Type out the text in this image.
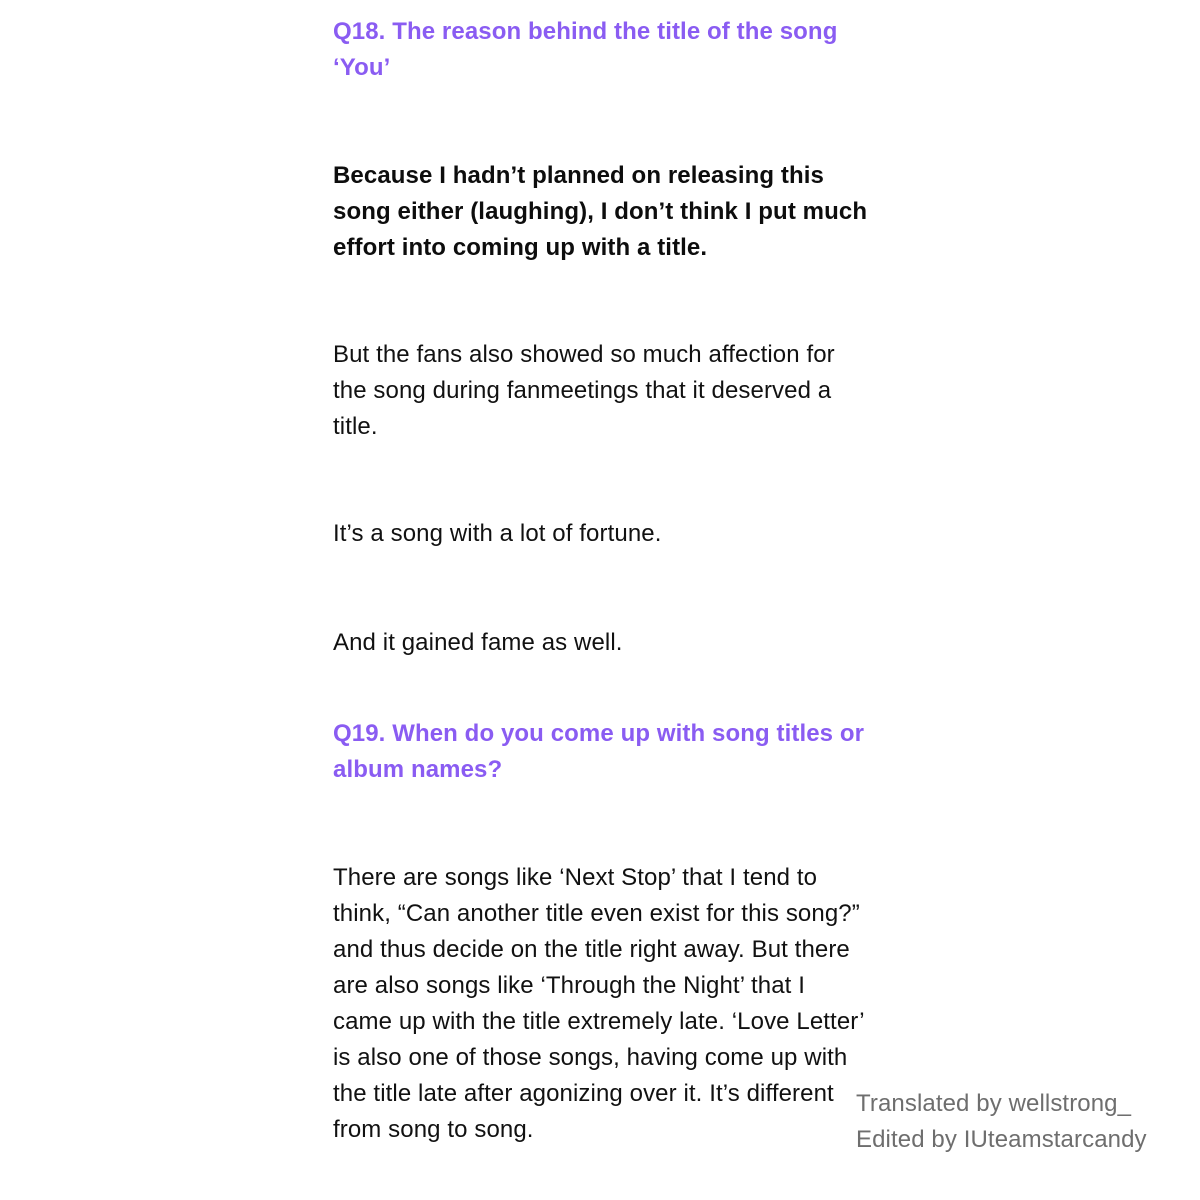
Q18. The reason behind the title of the song ‘You’

Because I hadn’t planned on releasing this song either (laughing), I don’t think I put much effort into coming up with a title.

But the fans also showed so much affection for the song during fanmeetings that it deserved a title.

It’s a song with a lot of fortune.

And it gained fame as well.

Q19. When do you come up with song titles or album names?

There are songs like ‘Next Stop’ that I tend to think, “Can another title even exist for this song?” and thus decide on the title right away. But there are also songs like ‘Through the Night’ that I came up with the title extremely late. ‘Love Letter’ is also one of those songs, having come up with the title late after agonizing over it. It’s different from song to song.

Translated by wellstrong_
Edited by IUteamstarcandy
